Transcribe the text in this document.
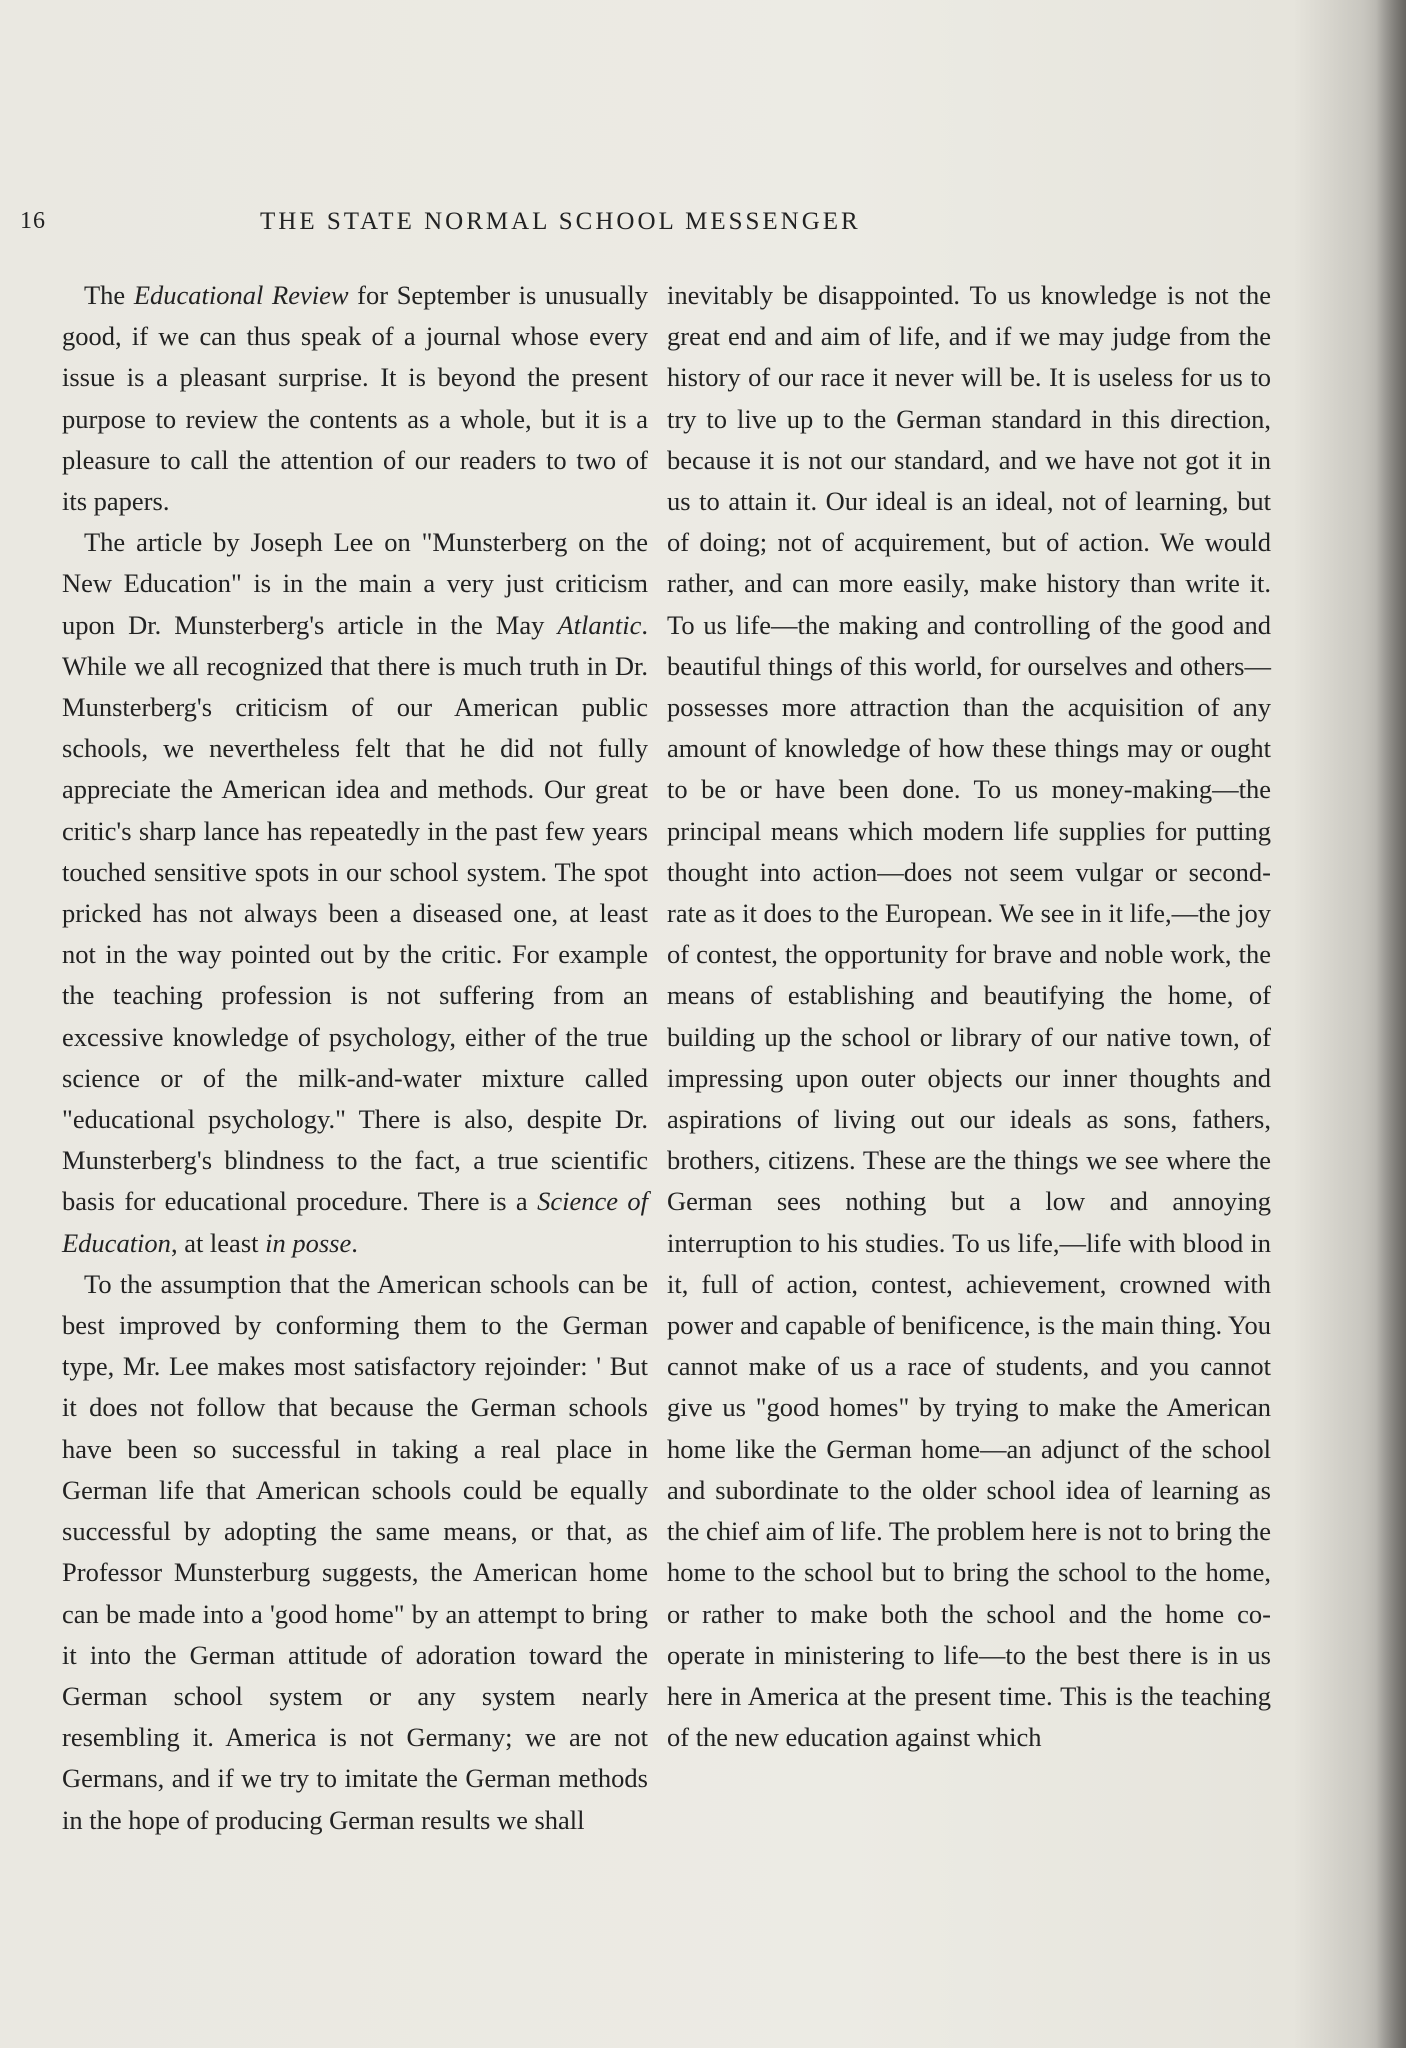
16	THE STATE NORMAL SCHOOL MESSENGER

The Educational Review for September is unusually good, if we can thus speak of a journal whose every issue is a pleasant surprise. It is beyond the present purpose to review the contents as a whole, but it is a pleasure to call the attention of our readers to two of its papers.

The article by Joseph Lee on "Munsterberg on the New Education" is in the main a very just criticism upon Dr. Munsterberg's article in the May Atlantic. While we all recognized that there is much truth in Dr. Munsterberg's criticism of our American public schools, we nevertheless felt that he did not fully appreciate the American idea and methods. Our great critic's sharp lance has repeatedly in the past few years touched sensitive spots in our school system. The spot pricked has not always been a diseased one, at least not in the way pointed out by the critic. For example the teaching profession is not suffering from an excessive knowledge of psychology, either of the true science or of the milk-and-water mixture called "educational psychology." There is also, despite Dr. Munsterberg's blindness to the fact, a true scientific basis for educational procedure. There is a Science of Education, at least in posse.

To the assumption that the American schools can be best improved by conforming them to the German type, Mr. Lee makes most satisfactory rejoinder: ' But it does not follow that because the German schools have been so successful in taking a real place in German life that American schools could be equally successful by adopting the same means, or that, as Professor Munsterburg suggests, the American home can be made into a 'good home" by an attempt to bring it into the German attitude of adoration toward the German school system or any system nearly resembling it. America is not Germany; we are not Germans, and if we try to imitate the German methods in the hope of producing German results we shall

inevitably be disappointed. To us knowledge is not the great end and aim of life, and if we may judge from the history of our race it never will be. It is useless for us to try to live up to the German standard in this direction, because it is not our standard, and we have not got it in us to attain it. Our ideal is an ideal, not of learning, but of doing; not of acquirement, but of action. We would rather, and can more easily, make history than write it. To us life—the making and controlling of the good and beautiful things of this world, for ourselves and others—possesses more attraction than the acquisition of any amount of knowledge of how these things may or ought to be or have been done. To us money-making—the principal means which modern life supplies for putting thought into action—does not seem vulgar or second-rate as it does to the European. We see in it life,—the joy of contest, the opportunity for brave and noble work, the means of establishing and beautifying the home, of building up the school or library of our native town, of impressing upon outer objects our inner thoughts and aspirations of living out our ideals as sons, fathers, brothers, citizens. These are the things we see where the German sees nothing but a low and annoying interruption to his studies. To us life,—life with blood in it, full of action, contest, achievement, crowned with power and capable of benificence, is the main thing. You cannot make of us a race of students, and you cannot give us "good homes" by trying to make the American home like the German home—an adjunct of the school and subordinate to the older school idea of learning as the chief aim of life. The problem here is not to bring the home to the school but to bring the school to the home, or rather to make both the school and the home co-operate in ministering to life—to the best there is in us here in America at the present time. This is the teaching of the new education against which
